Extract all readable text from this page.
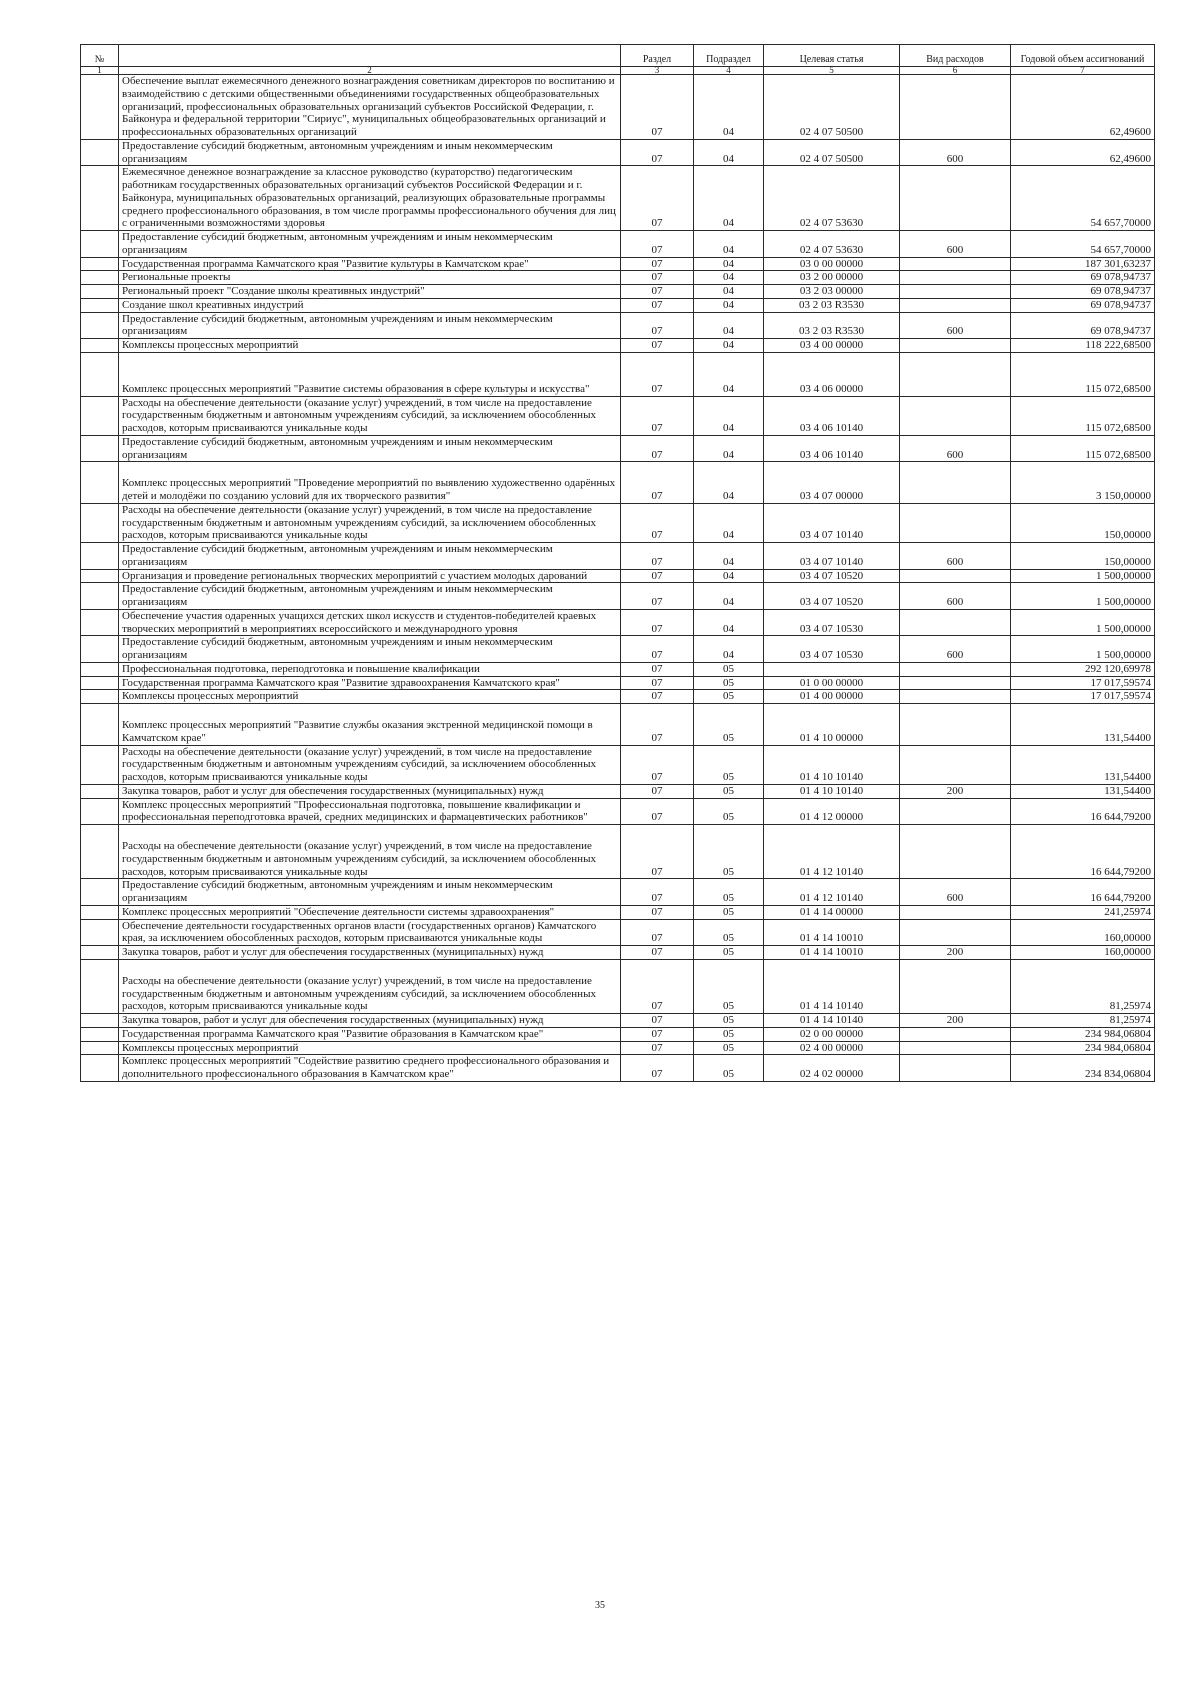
№		Раздел	Подраздел	Целевая статья	Вид расходов	Годовой объем ассигнований
1	2	3	4	5	6	7
	Обеспечение выплат ежемесячного денежного вознаграждения советникам директоров по воспитанию и взаимодействию с детскими общественными объединениями государственных общеобразовательных организаций, профессиональных образовательных организаций субъектов Российской Федерации, г. Байконура и федеральной территории "Сириус", муниципальных общеобразовательных организаций и профессиональных образовательных организаций	07	04	02 4 07 50500		62,49600
	Предоставление субсидий бюджетным, автономным учреждениям и иным некоммерческим организациям	07	04	02 4 07 50500	600	62,49600
	Ежемесячное денежное вознаграждение за классное руководство (кураторство) педагогическим работникам государственных образовательных организаций субъектов Российской Федерации и г. Байконура, муниципальных образовательных организаций, реализующих образовательные программы среднего профессионального образования, в том числе программы профессионального обучения для лиц с ограниченными возможностями здоровья	07	04	02 4 07 53630		54 657,70000
	Предоставление субсидий бюджетным, автономным учреждениям и иным некоммерческим организациям	07	04	02 4 07 53630	600	54 657,70000
	Государственная программа Камчатского края "Развитие культуры в Камчатском крае"	07	04	03 0 00 00000		187 301,63237
	Региональные проекты	07	04	03 2 00 00000		69 078,94737
	Региональный проект "Создание школы креативных индустрий"	07	04	03 2 03 00000		69 078,94737
	Создание школ креативных индустрий	07	04	03 2 03 R3530		69 078,94737
	Предоставление субсидий бюджетным, автономным учреждениям и иным некоммерческим организациям	07	04	03 2 03 R3530	600	69 078,94737
	Комплексы процессных мероприятий	07	04	03 4 00 00000		118 222,68500
	Комплекс процессных мероприятий "Развитие системы образования в сфере культуры и искусства"	07	04	03 4 06 00000		115 072,68500
	Расходы на обеспечение деятельности (оказание услуг) учреждений, в том числе на предоставление государственным бюджетным и автономным учреждениям субсидий, за исключением обособленных расходов, которым присваиваются уникальные коды	07	04	03 4 06 10140		115 072,68500
	Предоставление субсидий бюджетным, автономным учреждениям и иным некоммерческим организациям	07	04	03 4 06 10140	600	115 072,68500
	Комплекс процессных мероприятий "Проведение мероприятий по выявлению художественно одарённых детей и молодёжи по созданию условий для их творческого развития"	07	04	03 4 07 00000		3 150,00000
	Расходы на обеспечение деятельности (оказание услуг) учреждений, в том числе на предоставление государственным бюджетным и автономным учреждениям субсидий, за исключением обособленных расходов, которым присваиваются уникальные коды	07	04	03 4 07 10140		150,00000
	Предоставление субсидий бюджетным, автономным учреждениям и иным некоммерческим организациям	07	04	03 4 07 10140	600	150,00000
	Организация и проведение региональных творческих мероприятий с участием молодых дарований	07	04	03 4 07 10520		1 500,00000
	Предоставление субсидий бюджетным, автономным учреждениям и иным некоммерческим организациям	07	04	03 4 07 10520	600	1 500,00000
	Обеспечение участия одаренных учащихся детских школ искусств и студентов-победителей краевых творческих мероприятий в мероприятиях всероссийского и международного уровня	07	04	03 4 07 10530		1 500,00000
	Предоставление субсидий бюджетным, автономным учреждениям и иным некоммерческим организациям	07	04	03 4 07 10530	600	1 500,00000
	Профессиональная подготовка, переподготовка и повышение квалификации	07	05			292 120,69978
	Государственная программа Камчатского края "Развитие здравоохранения Камчатского края"	07	05	01 0 00 00000		17 017,59574
	Комплексы процессных мероприятий	07	05	01 4 00 00000		17 017,59574
	Комплекс процессных мероприятий "Развитие службы оказания экстренной медицинской помощи в Камчатском крае"	07	05	01 4 10 00000		131,54400
	Расходы на обеспечение деятельности (оказание услуг) учреждений, в том числе на предоставление государственным бюджетным и автономным учреждениям субсидий, за исключением обособленных расходов, которым присваиваются уникальные коды	07	05	01 4 10 10140		131,54400
	Закупка товаров, работ и услуг для обеспечения государственных (муниципальных) нужд	07	05	01 4 10 10140	200	131,54400
	Комплекс процессных мероприятий "Профессиональная подготовка, повышение квалификации и профессиональная переподготовка врачей, средних медицинских и фармацевтических работников"	07	05	01 4 12 00000		16 644,79200
	Расходы на обеспечение деятельности (оказание услуг) учреждений, в том числе на предоставление государственным бюджетным и автономным учреждениям субсидий, за исключением обособленных расходов, которым присваиваются уникальные коды	07	05	01 4 12 10140		16 644,79200
	Предоставление субсидий бюджетным, автономным учреждениям и иным некоммерческим организациям	07	05	01 4 12 10140	600	16 644,79200
	Комплекс процессных мероприятий "Обеспечение деятельности системы здравоохранения"	07	05	01 4 14 00000		241,25974
	Обеспечение деятельности государственных органов власти (государственных органов) Камчатского края, за исключением обособленных расходов, которым присваиваются уникальные коды	07	05	01 4 14 10010		160,00000
	Закупка товаров, работ и услуг для обеспечения государственных (муниципальных) нужд	07	05	01 4 14 10010	200	160,00000
	Расходы на обеспечение деятельности (оказание услуг) учреждений, в том числе на предоставление государственным бюджетным и автономным учреждениям субсидий, за исключением обособленных расходов, которым присваиваются уникальные коды	07	05	01 4 14 10140		81,25974
	Закупка товаров, работ и услуг для обеспечения государственных (муниципальных) нужд	07	05	01 4 14 10140	200	81,25974
	Государственная программа Камчатского края "Развитие образования в Камчатском крае"	07	05	02 0 00 00000		234 984,06804
	Комплексы процессных мероприятий	07	05	02 4 00 00000		234 984,06804
	Комплекс процессных мероприятий "Содействие развитию среднего профессионального образования и дополнительного профессионального образования в Камчатском крае"	07	05	02 4 02 00000		234 834,06804
35
